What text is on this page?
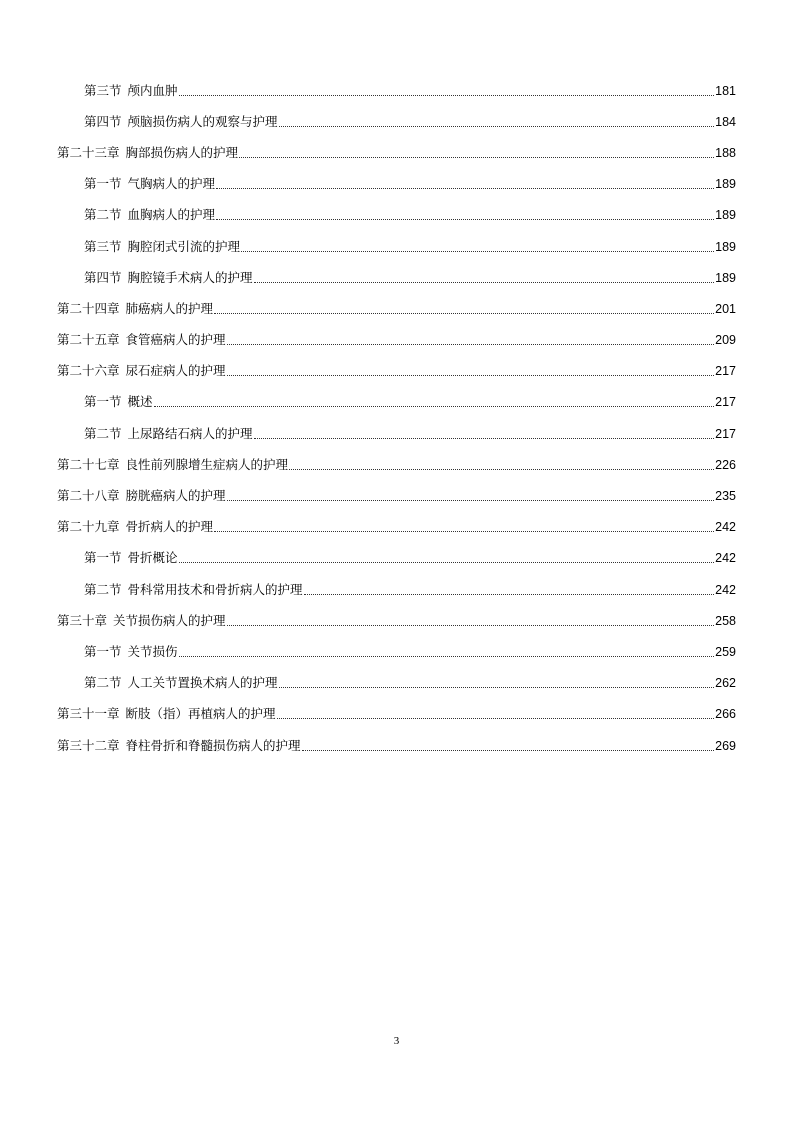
第三节 颅内血肿	181
第四节 颅脑损伤病人的观察与护理	184
第二十三章 胸部损伤病人的护理	188
第一节 气胸病人的护理	189
第二节 血胸病人的护理	189
第三节 胸腔闭式引流的护理	189
第四节 胸腔镜手术病人的护理	189
第二十四章 肺癌病人的护理	201
第二十五章 食管癌病人的护理	209
第二十六章 尿石症病人的护理	217
第一节 概述	217
第二节 上尿路结石病人的护理	217
第二十七章 良性前列腺增生症病人的护理	226
第二十八章 膀胱癌病人的护理	235
第二十九章 骨折病人的护理	242
第一节 骨折概论	242
第二节 骨科常用技术和骨折病人的护理	242
第三十章 关节损伤病人的护理	258
第一节 关节损伤	259
第二节 人工关节置换术病人的护理	262
第三十一章 断肢（指）再植病人的护理	266
第三十二章 脊柱骨折和脊髓损伤病人的护理	269
3
